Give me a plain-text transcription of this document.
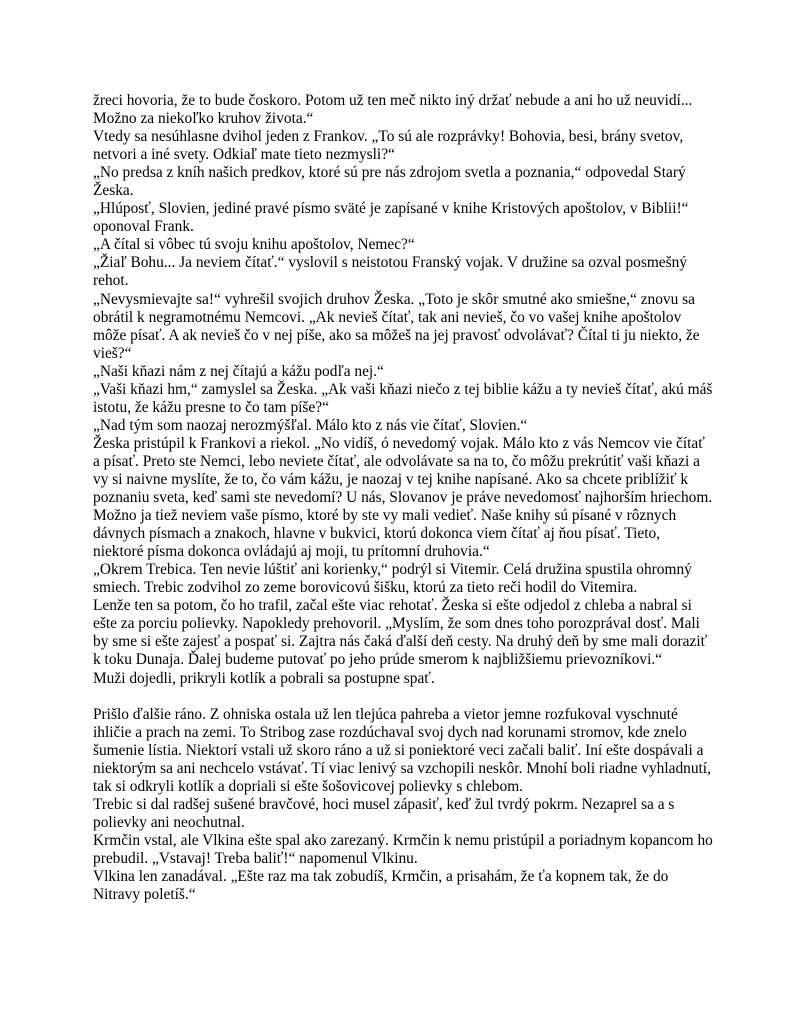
žreci hovoria, že to bude čoskoro. Potom už ten meč nikto iný držať nebude a ani ho už neuvidí... Možno za niekoľko kruhov života.“

Vtedy sa nesúhlasne dvihol jeden z Frankov. „To sú ale rozprávky! Bohovia, besi, brány svetov, netvori a iné svety. Odkiaľ mate tieto nezmysli?“

„No predsa z kníh našich predkov, ktoré sú pre nás zdrojom svetla a poznania,“ odpovedal Starý Žeska.

„Hlúposť, Slovien, jediné pravé písmo sväté je zapísané v knihe Kristových apoštolov, v Biblii!“ oponoval Frank.

„A čítal si vôbec tú svoju knihu apoštolov, Nemec?“

„Žiaľ Bohu... Ja neviem čítať.“ vyslovil s neistotou Franský vojak. V družine sa ozval posmešný rehot.

„Nevysmievajte sa!“ vyhrešil svojich druhov Žeska. „Toto je skôr smutné ako smiešne,“ znovu sa obrátil k negramotnému Nemcovi. „Ak nevieš čítať, tak ani nevieš, čo vo vašej knihe apoštolov môže písať. A ak nevieš čo v nej píše, ako sa môžeš na jej pravosť odvolávať? Čítal ti ju niekto, že vieš?“

„Naši kňazi nám z nej čítajú a kážu podľa nej.“

„Vaši kňazi hm,“ zamyslel sa Žeska. „Ak vaši kňazi niečo z tej biblie kážu a ty nevieš čítať, akú máš istotu, že kážu presne to čo tam píše?“

„Nad tým som naozaj nerozmýšľal. Málo kto z nás vie čítať, Slovien.“

Žeska pristúpil k Frankovi a riekol. „No vidíš, ó nevedomý vojak. Málo kto z vás Nemcov vie čítať a písať. Preto ste Nemci, lebo neviete čítať, ale odvolávate sa na to, čo môžu prekrútiť vaši kňazi a vy si naivne myslíte, že to, čo vám kážu, je naozaj v tej knihe napísané. Ako sa chcete priblížiť k poznaniu sveta, keď sami ste nevedomí? U nás, Slovanov je práve nevedomosť najhorším hriechom. Možno ja tiež neviem vaše písmo, ktoré by ste vy mali vedieť. Naše knihy sú písané v rôznych dávnych písmach a znakoch, hlavne v bukvici, ktorú dokonca viem čítať aj ňou písať. Tieto, niektoré písma dokonca ovládajú aj moji, tu prítomní druhovia.“

„Okrem Trebica. Ten nevie lúštiť ani korienky,“ podrýl si Vitemir. Celá družina spustila ohromný smiech. Trebic zodvihol zo zeme borovicovú šišku, ktorú za tieto reči hodil do Vitemira.

Lenže ten sa potom, čo ho trafil, začal ešte viac rehotať. Žeska si ešte odjedol z chleba a nabral si ešte za porciu polievky. Napokledy prehovoril. „Myslím, že som dnes toho porozprával dosť. Mali by sme si ešte zajesť a pospať si. Zajtra nás čaká ďalší deň cesty. Na druhý deň by sme mali doraziť k toku Dunaja. Ďalej budeme putovať po jeho prúde smerom k najbližšiemu prievozníkovi.“

Muži dojedli, prikryli kotlík a pobrali sa postupne spať.

Prišlo ďalšie ráno. Z ohniska ostala už len tlejúca pahreba a vietor jemne rozfukoval vyschnuté ihličie a prach na zemi. To Stribog zase rozdúchaval svoj dych nad korunami stromov, kde znelo šumenie lístia. Niektorí vstali už skoro ráno a už si poniektoré veci začali baliť. Iní ešte dospávali a niektorým sa ani nechcelo vstávať. Tí viac lenivý sa vzchopili neskôr. Mnohí boli riadne vyhladnutí, tak si odkryli kotlík a dopriali si ešte šošovicovej polievky s chlebom.

Trebic si dal radšej sušené bravčové, hoci musel zápasiť, keď žul tvrdý pokrm. Nezaprel sa a s polievky ani neochutnal.

Krmčin vstal, ale Vlkina ešte spal ako zarezaný. Krmčin k nemu pristúpil a poriadnym kopancom ho prebudil. „Vstavaj! Treba baliť!“ napomenul Vlkinu.

Vlkina len zanadával. „Ešte raz ma tak zobudíš, Krmčin, a prisahám, že ťa kopnem tak, že do Nitravy poletíš.“
